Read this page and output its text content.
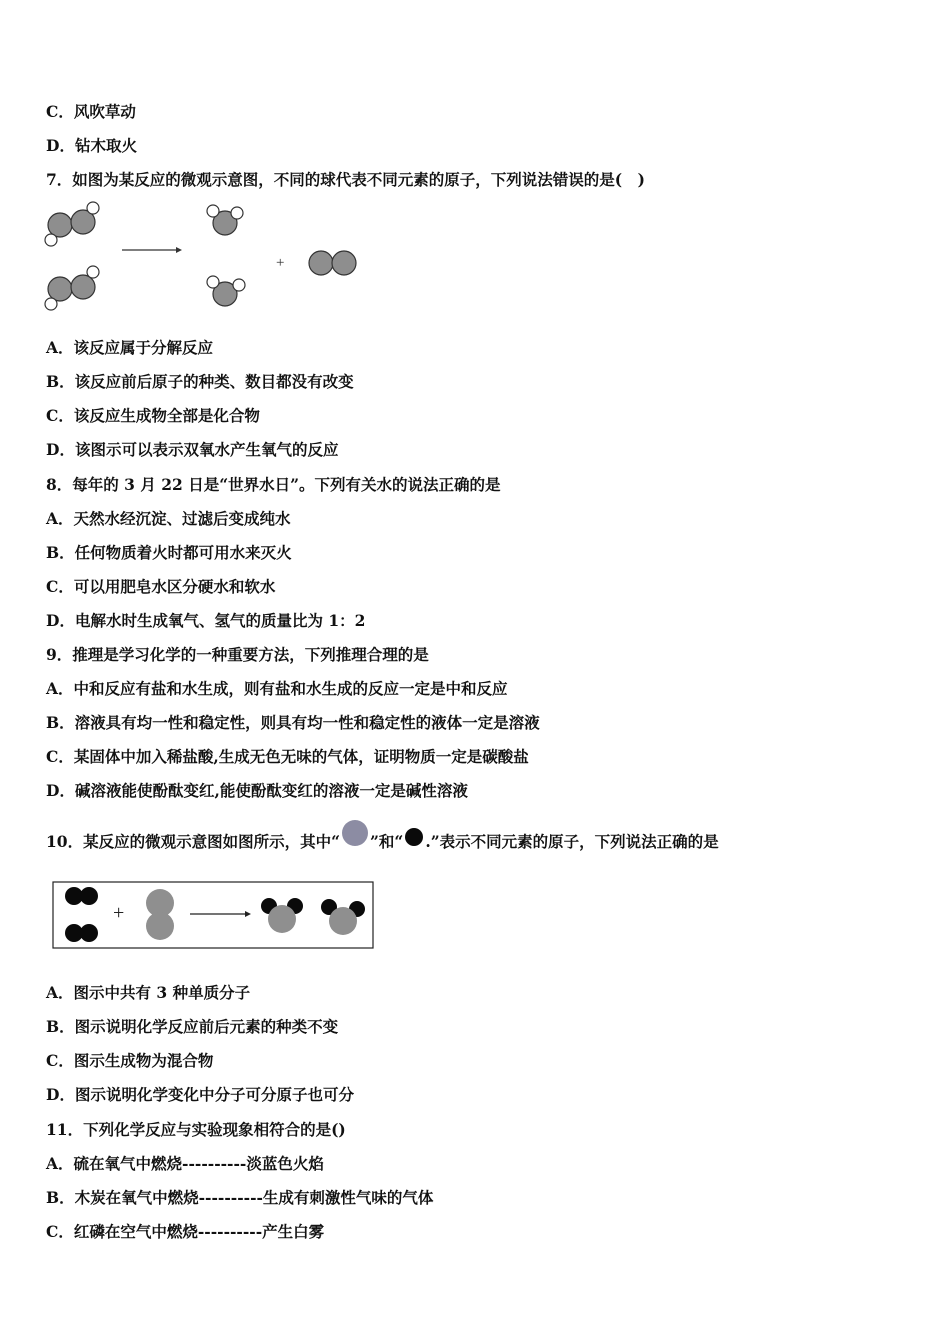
C．风吹草动
D．钻木取火
7．如图为某反应的微观示意图，不同的球代表不同元素的原子，下列说法错误的是(　)
+
A．该反应属于分解反应
B．该反应前后原子的种类、数目都没有改变
C．该反应生成物全部是化合物
D．该图示可以表示双氧水产生氧气的反应
8．每年的 3 月 22 日是“世界水日”。下列有关水的说法正确的是
A．天然水经沉淀、过滤后变成纯水
B．任何物质着火时都可用水来灭火
C．可以用肥皂水区分硬水和软水
D．电解水时生成氧气、氢气的质量比为 1：2
9．推理是学习化学的一种重要方法，下列推理合理的是
A．中和反应有盐和水生成，则有盐和水生成的反应一定是中和反应
B．溶液具有均一性和稳定性，则具有均一性和稳定性的液体一定是溶液
C．某固体中加入稀盐酸,生成无色无味的气体，证明物质一定是碳酸盐
D．碱溶液能使酚酞变红,能使酚酞变红的溶液一定是碱性溶液
10．某反应的微观示意图如图所示，其中“ ”和“ .”表示不同元素的原子，下列说法正确的是
+
A．图示中共有 3 种单质分子
B．图示说明化学反应前后元素的种类不变
C．图示生成物为混合物
D．图示说明化学变化中分子可分原子也可分
11．下列化学反应与实验现象相符合的是()
A．硫在氧气中燃烧----------淡蓝色火焰
B．木炭在氧气中燃烧----------生成有刺激性气味的气体
C．红磷在空气中燃烧----------产生白雾
